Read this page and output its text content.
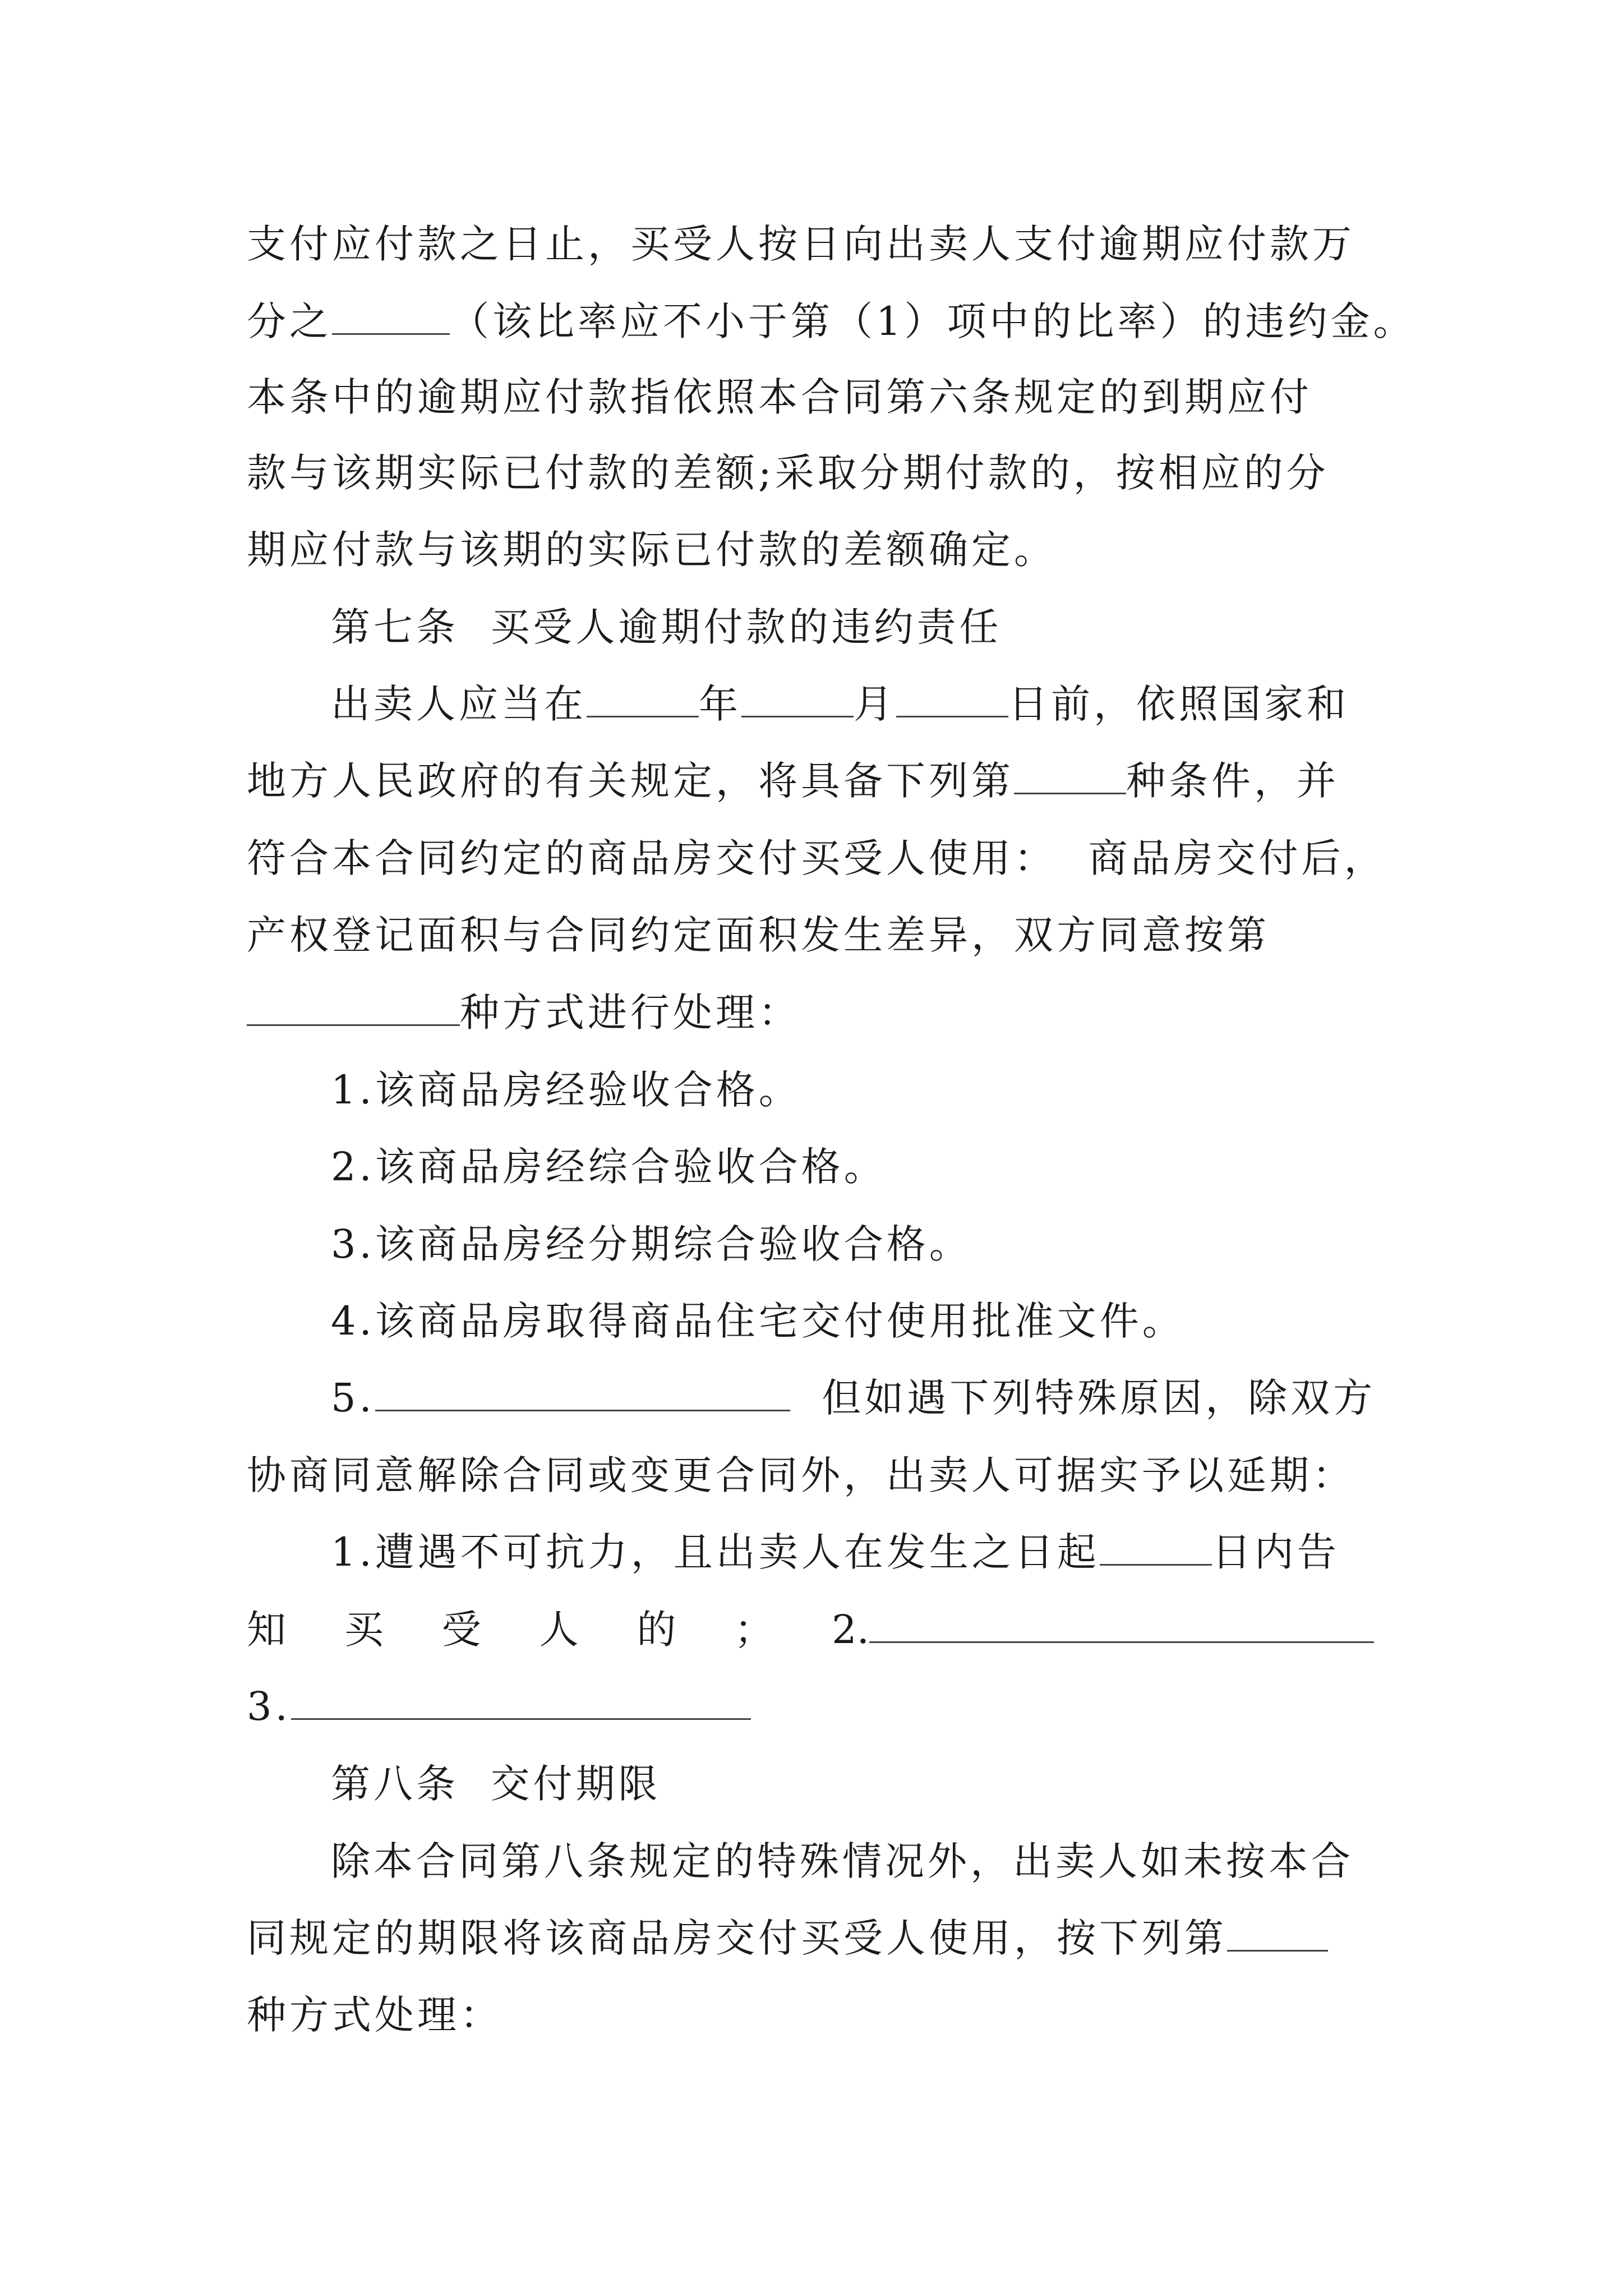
支付应付款之日止，买受人按日向出卖人支付逾期应付款万
分之	（该比率应不小于第（1）项中的比率）的违约金。
本条中的逾期应付款指依照本合同第六条规定的到期应付
款与该期实际已付款的差额;采取分期付款的，按相应的分
期应付款与该期的实际已付款的差额确定。
第七条  买受人逾期付款的违约责任
出卖人应当在	年	月	日前，依照国家和
地方人民政府的有关规定，将具备下列第	种条件，并
符合本合同约定的商品房交付买受人使用：  商品房交付后，
产权登记面积与合同约定面积发生差异，双方同意按第
种方式进行处理：
1.该商品房经验收合格。
2.该商品房经综合验收合格。
3.该商品房经分期综合验收合格。
4.该商品房取得商品住宅交付使用批准文件。
5.	但如遇下列特殊原因，除双方
协商同意解除合同或变更合同外，出卖人可据实予以延期：
1.遭遇不可抗力，且出卖人在发生之日起	日内告
知 买 受 人 的 ； 2.
3.
第八条  交付期限
除本合同第八条规定的特殊情况外，出卖人如未按本合
同规定的期限将该商品房交付买受人使用，按下列第
种方式处理：
